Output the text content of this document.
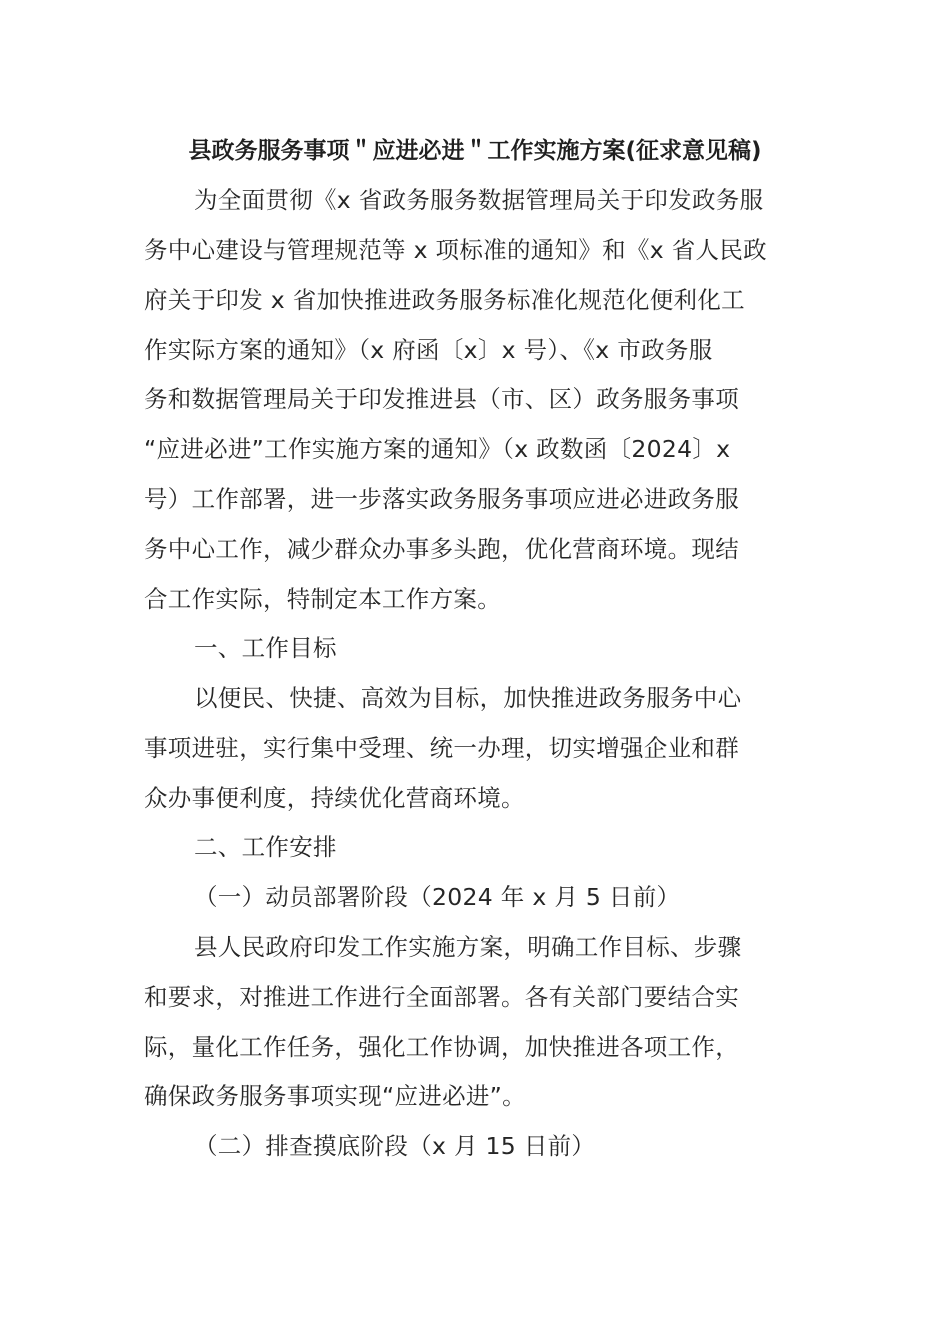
县政务服务事项＂应进必进＂工作实施方案(征求意见稿)
为全面贯彻《x 省政务服务数据管理局关于印发政务服
务中心建设与管理规范等 x 项标准的通知》和《x 省人民政
府关于印发 x 省加快推进政务服务标准化规范化便利化工
作实际方案的通知》（x 府函〔x〕x 号）、《x 市政务服
务和数据管理局关于印发推进县（市、区）政务服务事项
“应进必进”工作实施方案的通知》（x 政数函〔2024〕x
号）工作部署，进一步落实政务服务事项应进必进政务服
务中心工作，减少群众办事多头跑，优化营商环境。现结
合工作实际，特制定本工作方案。
一、工作目标
以便民、快捷、高效为目标，加快推进政务服务中心
事项进驻，实行集中受理、统一办理，切实增强企业和群
众办事便利度，持续优化营商环境。
二、工作安排
（一）动员部署阶段（2024 年 x 月 5 日前）
县人民政府印发工作实施方案，明确工作目标、步骤
和要求，对推进工作进行全面部署。各有关部门要结合实
际，量化工作任务，强化工作协调，加快推进各项工作，
确保政务服务事项实现“应进必进”。
（二）排查摸底阶段（x 月 15 日前）
